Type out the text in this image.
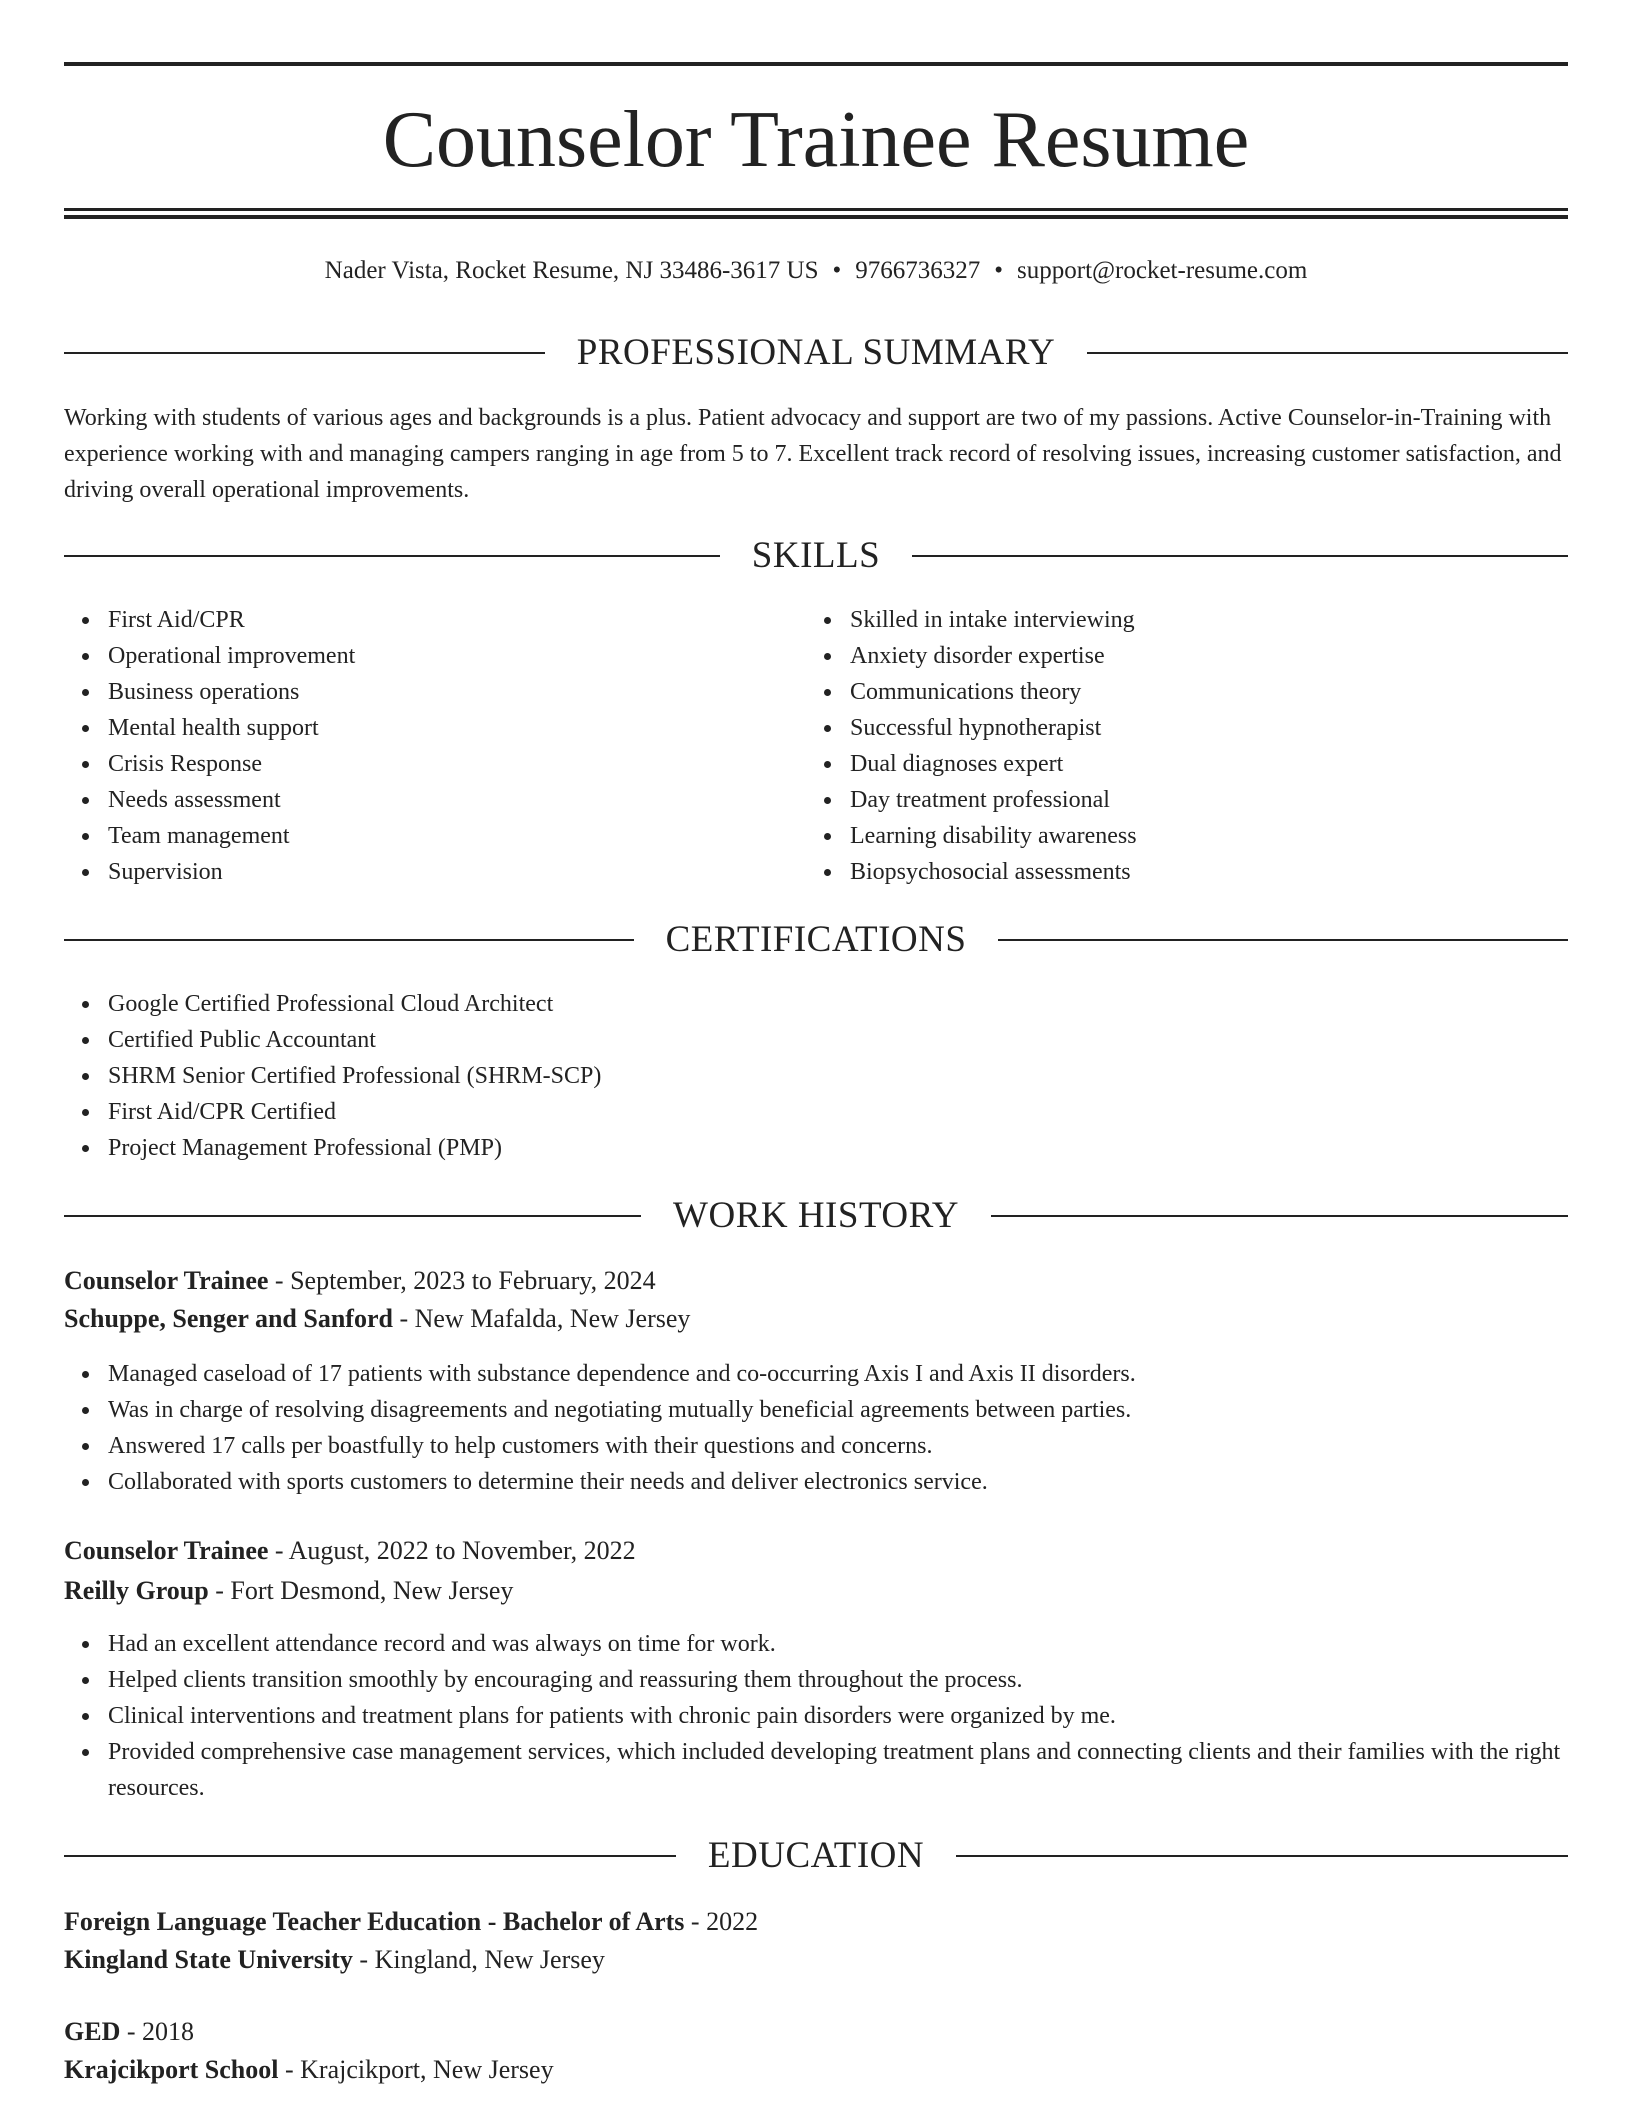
Counselor Trainee Resume
Nader Vista, Rocket Resume, NJ 33486-3617 US • 9766736327 • support@rocket-resume.com
PROFESSIONAL SUMMARY

Working with students of various ages and backgrounds is a plus. Patient advocacy and support are two of my passions. Active Counselor-in-Training with experience working with and managing campers ranging in age from 5 to 7. Excellent track record of resolving issues, increasing customer satisfaction, and driving overall operational improvements.

SKILLS
First Aid/CPR
Operational improvement
Business operations
Mental health support
Crisis Response
Needs assessment
Team management
Supervision
Skilled in intake interviewing
Anxiety disorder expertise
Communications theory
Successful hypnotherapist
Dual diagnoses expert
Day treatment professional
Learning disability awareness
Biopsychosocial assessments
CERTIFICATIONS
Google Certified Professional Cloud Architect
Certified Public Accountant
SHRM Senior Certified Professional (SHRM-SCP)
First Aid/CPR Certified
Project Management Professional (PMP)
WORK HISTORY
Counselor Trainee - September, 2023 to February, 2024
Schuppe, Senger and Sanford - New Mafalda, New Jersey
Managed caseload of 17 patients with substance dependence and co-occurring Axis I and Axis II disorders.
Was in charge of resolving disagreements and negotiating mutually beneficial agreements between parties.
Answered 17 calls per boastfully to help customers with their questions and concerns.
Collaborated with sports customers to determine their needs and deliver electronics service.
Counselor Trainee - August, 2022 to November, 2022
Reilly Group - Fort Desmond, New Jersey
Had an excellent attendance record and was always on time for work.
Helped clients transition smoothly by encouraging and reassuring them throughout the process.
Clinical interventions and treatment plans for patients with chronic pain disorders were organized by me.
Provided comprehensive case management services, which included developing treatment plans and connecting clients and their families with the right resources.
EDUCATION
Foreign Language Teacher Education - Bachelor of Arts - 2022
Kingland State University - Kingland, New Jersey
GED - 2018
Krajcikport School - Krajcikport, New Jersey
